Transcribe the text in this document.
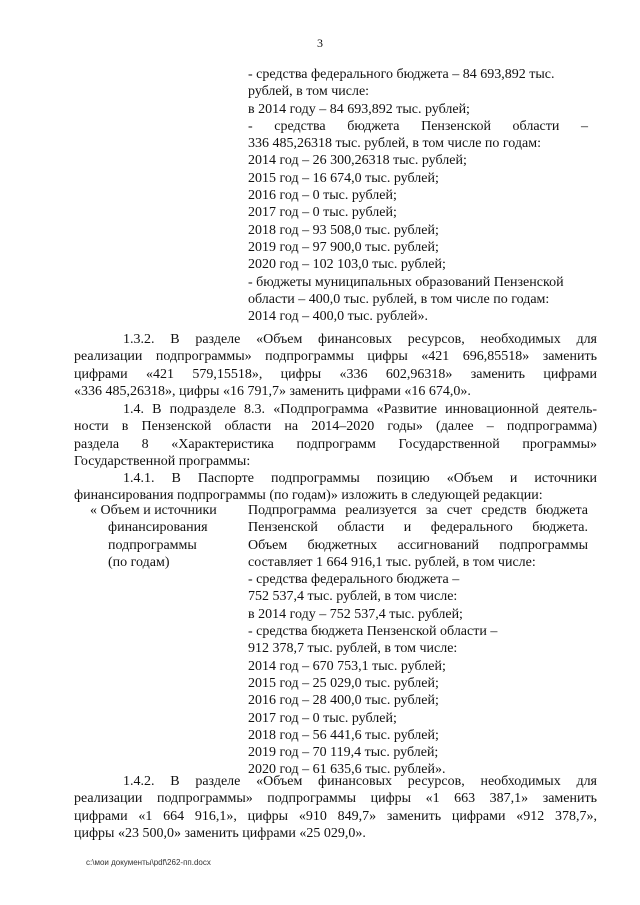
3
- средства федерального бюджета – 84 693,892 тыс.
рублей, в том числе:
в 2014 году – 84 693,892 тыс. рублей;
- средства бюджета Пензенской области –
336 485,26318 тыс. рублей, в том числе по годам:
2014 год – 26 300,26318 тыс. рублей;
2015 год – 16 674,0 тыс. рублей;
2016 год – 0 тыс. рублей;
2017 год – 0 тыс. рублей;
2018 год – 93 508,0 тыс. рублей;
2019 год – 97 900,0 тыс. рублей;
2020 год – 102 103,0 тыс. рублей;
- бюджеты муниципальных образований Пензенской
области – 400,0 тыс. рублей, в том числе по годам:
2014 год – 400,0 тыс. рублей».
1.3.2. В разделе «Объем финансовых ресурсов, необходимых для
реализации подпрограммы» подпрограммы цифры «421 696,85518» заменить
цифрами «421 579,15518», цифры «336 602,96318» заменить цифрами
«336 485,26318», цифры «16 791,7» заменить цифрами «16 674,0».
1.4. В подразделе 8.3. «Подпрограмма «Развитие инновационной деятель-
ности в Пензенской области на 2014–2020 годы» (далее – подпрограмма)
раздела 8 «Характеристика подпрограмм Государственной программы»
Государственной программы:
1.4.1. В Паспорте подпрограммы позицию «Объем и источники
финансирования подпрограммы (по годам)» изложить в следующей редакции:
« Объем и источники
финансирования
подпрограммы
(по годам)
Подпрограмма реализуется за счет средств бюджета
Пензенской области и федерального бюджета.
Объем бюджетных ассигнований подпрограммы
составляет 1 664 916,1 тыс. рублей, в том числе:
- средства федерального бюджета –
752 537,4 тыс. рублей, в том числе:
в 2014 году – 752 537,4 тыс. рублей;
- средства бюджета Пензенской области –
912 378,7 тыс. рублей, в том числе:
2014 год – 670 753,1 тыс. рублей;
2015 год – 25 029,0 тыс. рублей;
2016 год – 28 400,0 тыс. рублей;
2017 год – 0 тыс. рублей;
2018 год – 56 441,6 тыс. рублей;
2019 год – 70 119,4 тыс. рублей;
2020 год – 61 635,6 тыс. рублей».
1.4.2. В разделе «Объем финансовых ресурсов, необходимых для
реализации подпрограммы» подпрограммы цифры «1 663 387,1» заменить
цифрами «1 664 916,1», цифры «910 849,7» заменить цифрами «912 378,7»,
цифры «23 500,0» заменить цифрами «25 029,0».
c:\мои документы\pdf\262-пп.docx
